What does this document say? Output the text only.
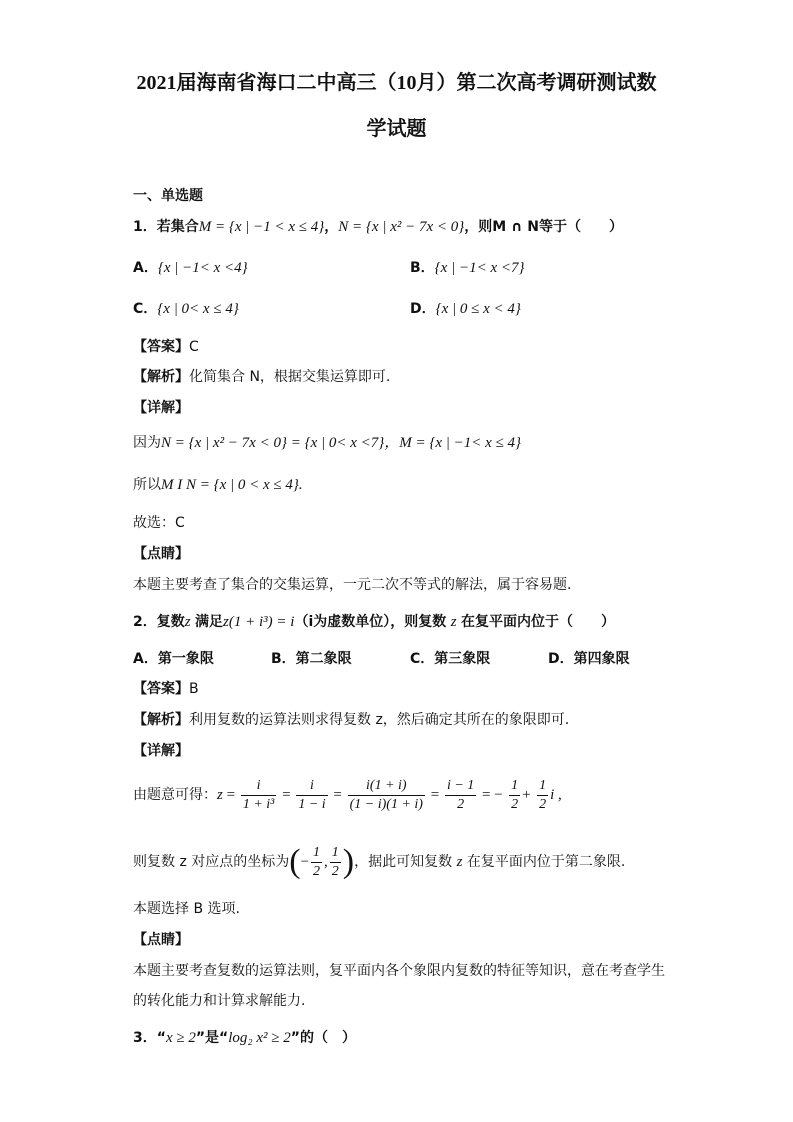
2021届海南省海口二中高三（10月）第二次高考调研测试数
学试题
一、单选题
1．若集合M = {x | −1 < x ≤ 4}，N = {x | x² − 7x < 0}，则M ∩ N等于（　　）
A．{x | −1< x <4}	B．{x | −1< x <7}
C．{x | 0< x ≤ 4}	D．{x | 0 ≤ x < 4}
【答案】C
【解析】化简集合 N，根据交集运算即可.
【详解】
因为N = {x | x² − 7x < 0} = {x | 0< x <7}，M = {x | −1< x ≤ 4}
所以M I N = {x | 0 < x ≤ 4}.
故选：C
【点睛】
本题主要考查了集合的交集运算，一元二次不等式的解法，属于容易题.
2．复数z 满足z(1 + i³) = i（i为虚数单位），则复数 z 在复平面内位于（　　）
A．第一象限	B．第二象限	C．第三象限	D．第四象限
【答案】B
【解析】利用复数的运算法则求得复数 z，然后确定其所在的象限即可.
【详解】
由题意可得：$z = \frac{i}{\text{1 + i³}} = \frac{i}{1 - i} = \frac{i(1 + i)}{(1 - i)(1 + i)} = \frac{i - 1}{2}$ = − $\frac{1}{2} + \frac{1}{2}$ i ,
则复数 z 对应点的坐标为(− $\frac{1}{2}$ , $\frac{1}{2}$ )，据此可知复数 z 在复平面内位于第二象限.
本题选择 B 选项.
【点睛】
本题主要考查复数的运算法则，复平面内各个象限内复数的特征等知识，意在考查学生
的转化能力和计算求解能力.
3．“x ≥ 2”是“log₂ x² ≥ 2”的（　）
